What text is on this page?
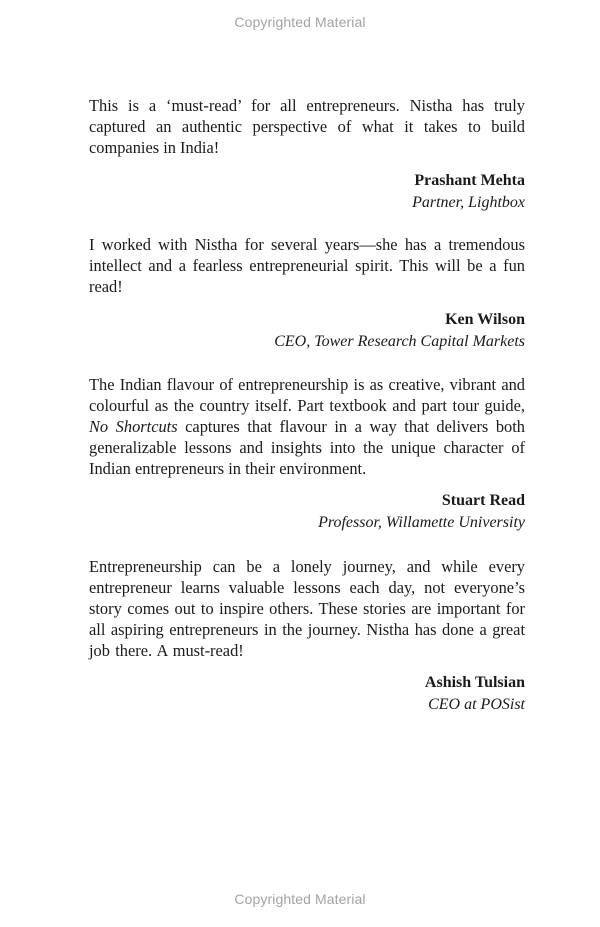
Copyrighted Material

This is a ‘must-read’ for all entrepreneurs. Nistha has truly captured an authentic perspective of what it takes to build companies in India!

Prashant Mehta
Partner, Lightbox

I worked with Nistha for several years—she has a tremendous intellect and a fearless entrepreneurial spirit. This will be a fun read!

Ken Wilson
CEO, Tower Research Capital Markets

The Indian flavour of entrepreneurship is as creative, vibrant and colourful as the country itself. Part textbook and part tour guide, No Shortcuts captures that flavour in a way that delivers both generalizable lessons and insights into the unique character of Indian entrepreneurs in their environment.

Stuart Read
Professor, Willamette University

Entrepreneurship can be a lonely journey, and while every entrepreneur learns valuable lessons each day, not everyone’s story comes out to inspire others. These stories are important for all aspiring entrepreneurs in the journey. Nistha has done a great job there. A must-read!

Ashish Tulsian
CEO at POSist
Copyrighted Material
